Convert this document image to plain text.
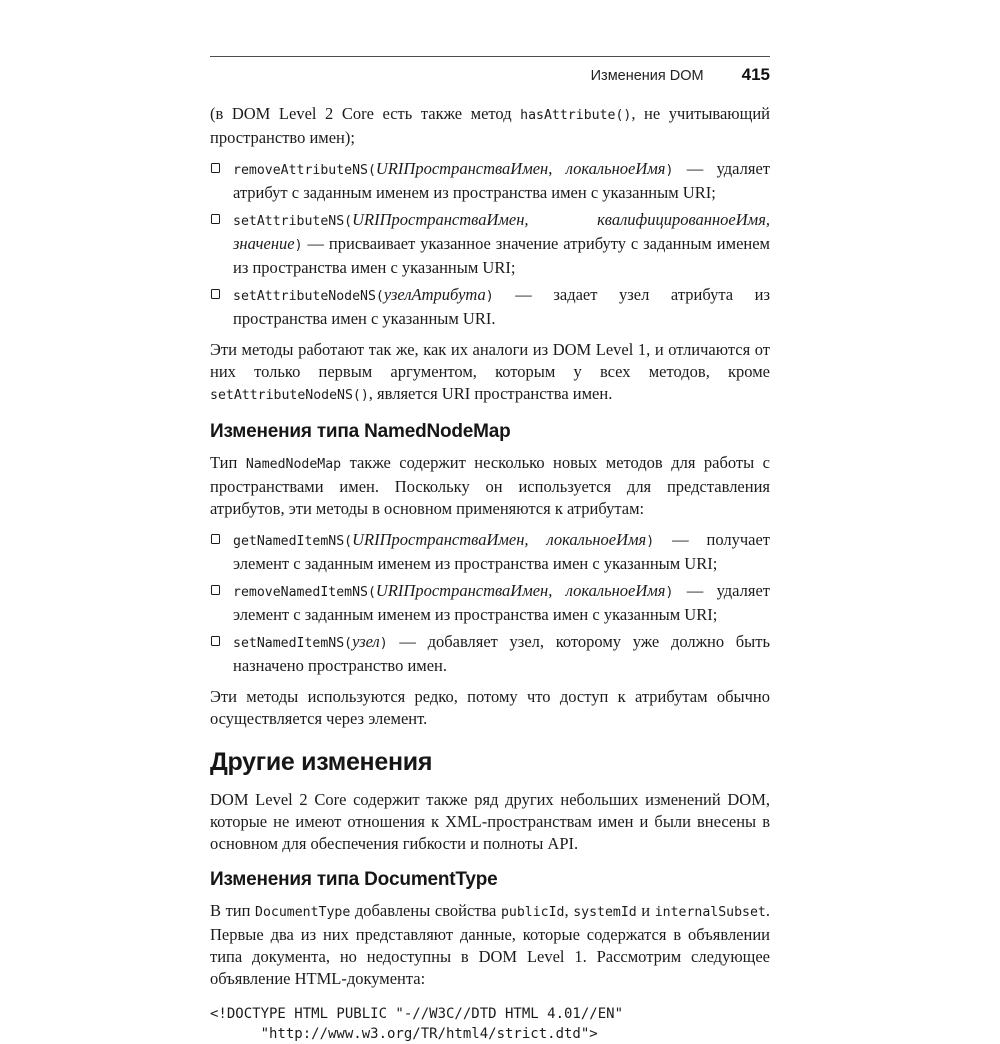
Изменения DOM 415

(в DOM Level 2 Core есть также метод hasAttribute(), не учитывающий пространство имен);

removeAttributeNS(URIПространстваИмен, локальноеИмя) — удаляет атрибут с заданным именем из пространства имен с указанным URI;
setAttributeNS(URIПространстваИмен, квалифицированноеИмя, значение) — присваивает указанное значение атрибуту с заданным именем из пространства имен с указанным URI;
setAttributeNodeNS(узелАтрибута) — задает узел атрибута из пространства имен с указанным URI.

Эти методы работают так же, как их аналоги из DOM Level 1, и отличаются от них только первым аргументом, которым у всех методов, кроме setAttributeNodeNS(), является URI пространства имен.

Изменения типа NamedNodeMap

Тип NamedNodeMap также содержит несколько новых методов для работы с пространствами имен. Поскольку он используется для представления атрибутов, эти методы в основном применяются к атрибутам:

getNamedItemNS(URIПространстваИмен, локальноеИмя) — получает элемент с заданным именем из пространства имен с указанным URI;
removeNamedItemNS(URIПространстваИмен, локальноеИмя) — удаляет элемент с заданным именем из пространства имен с указанным URI;
setNamedItemNS(узел) — добавляет узел, которому уже должно быть назначено пространство имен.

Эти методы используются редко, потому что доступ к атрибутам обычно осуществляется через элемент.

Другие изменения

DOM Level 2 Core содержит также ряд других небольших изменений DOM, которые не имеют отношения к XML-пространствам имен и были внесены в основном для обеспечения гибкости и полноты API.

Изменения типа DocumentType

В тип DocumentType добавлены свойства publicId, systemId и internalSubset. Первые два из них представляют данные, которые содержатся в объявлении типа документа, но недоступны в DOM Level 1. Рассмотрим следующее объявление HTML-документа:

<!DOCTYPE HTML PUBLIC "-//W3C//DTD HTML 4.01//EN"
"http://www.w3.org/TR/html4/strict.dtd">
